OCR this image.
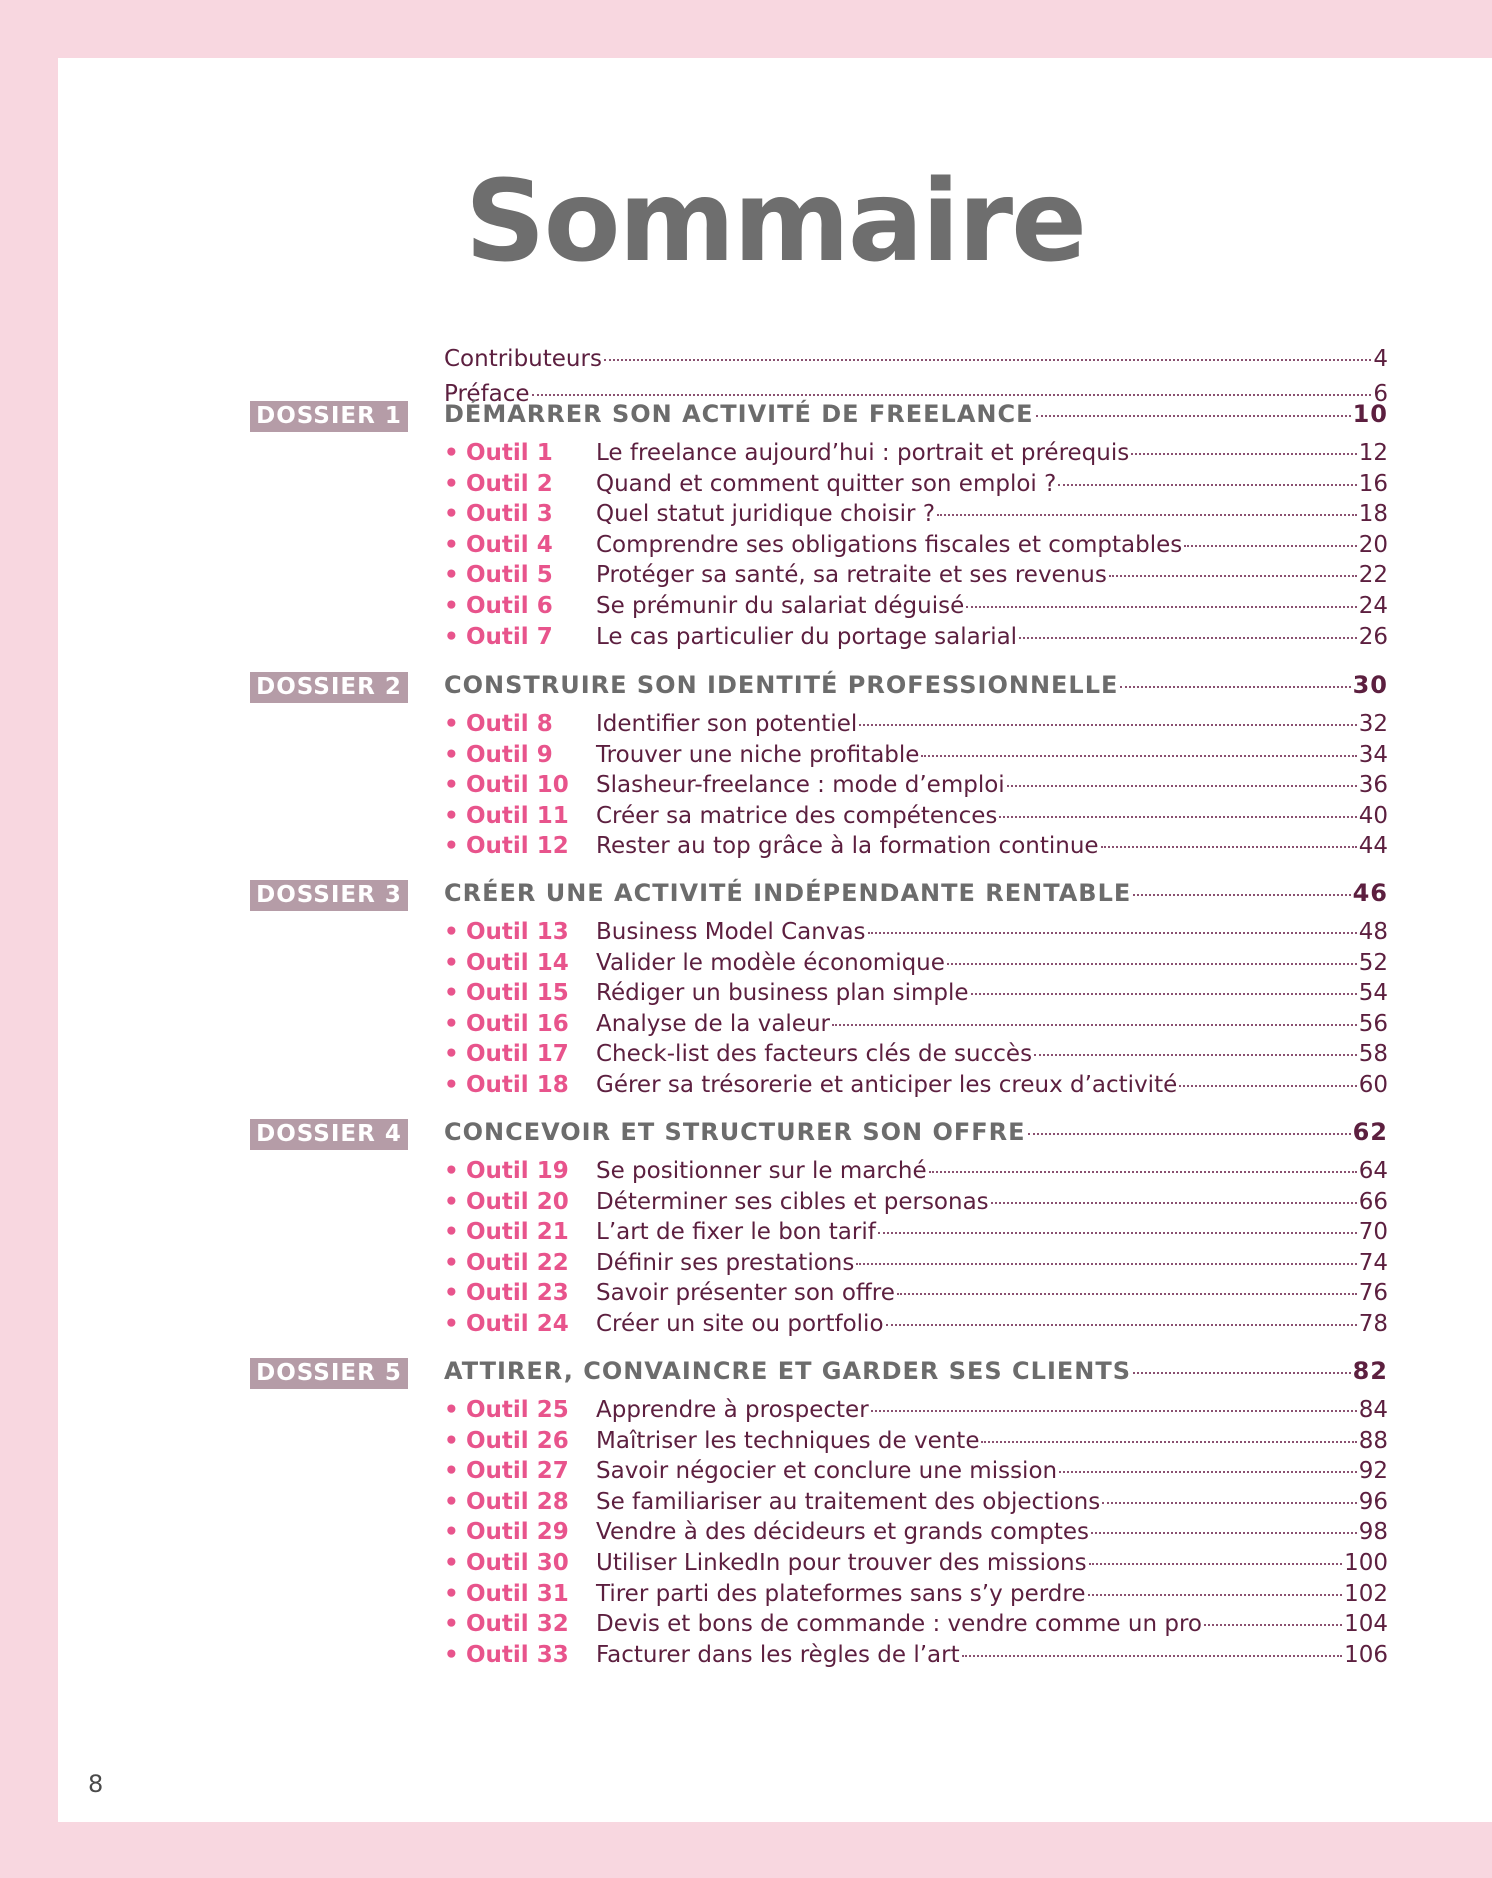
Sommaire
Contributeurs	4
Préface	6
DOSSIER 1 DÉMARRER SON ACTIVITÉ DE FREELANCE	10
• Outil 1	Le freelance aujourd’hui : portrait et prérequis	12
• Outil 2	Quand et comment quitter son emploi ?	16
• Outil 3	Quel statut juridique choisir ?	18
• Outil 4	Comprendre ses obligations fiscales et comptables	20
• Outil 5	Protéger sa santé, sa retraite et ses revenus	22
• Outil 6	Se prémunir du salariat déguisé	24
• Outil 7	Le cas particulier du portage salarial	26
DOSSIER 2 CONSTRUIRE SON IDENTITÉ PROFESSIONNELLE	30
• Outil 8	Identifier son potentiel	32
• Outil 9	Trouver une niche profitable	34
• Outil 10	Slasheur-freelance : mode d’emploi	36
• Outil 11	Créer sa matrice des compétences	40
• Outil 12	Rester au top grâce à la formation continue	44
DOSSIER 3 CRÉER UNE ACTIVITÉ INDÉPENDANTE RENTABLE	46
• Outil 13	Business Model Canvas	48
• Outil 14	Valider le modèle économique	52
• Outil 15	Rédiger un business plan simple	54
• Outil 16	Analyse de la valeur	56
• Outil 17	Check-list des facteurs clés de succès	58
• Outil 18	Gérer sa trésorerie et anticiper les creux d’activité	60
DOSSIER 4 CONCEVOIR ET STRUCTURER SON OFFRE	62
• Outil 19	Se positionner sur le marché	64
• Outil 20	Déterminer ses cibles et personas	66
• Outil 21	L’art de fixer le bon tarif	70
• Outil 22	Définir ses prestations	74
• Outil 23	Savoir présenter son offre	76
• Outil 24	Créer un site ou portfolio	78
DOSSIER 5 ATTIRER, CONVAINCRE ET GARDER SES CLIENTS	82
• Outil 25	Apprendre à prospecter	84
• Outil 26	Maîtriser les techniques de vente	88
• Outil 27	Savoir négocier et conclure une mission	92
• Outil 28	Se familiariser au traitement des objections	96
• Outil 29	Vendre à des décideurs et grands comptes	98
• Outil 30	Utiliser LinkedIn pour trouver des missions	100
• Outil 31	Tirer parti des plateformes sans s’y perdre	102
• Outil 32	Devis et bons de commande : vendre comme un pro	104
• Outil 33	Facturer dans les règles de l’art	106
8
